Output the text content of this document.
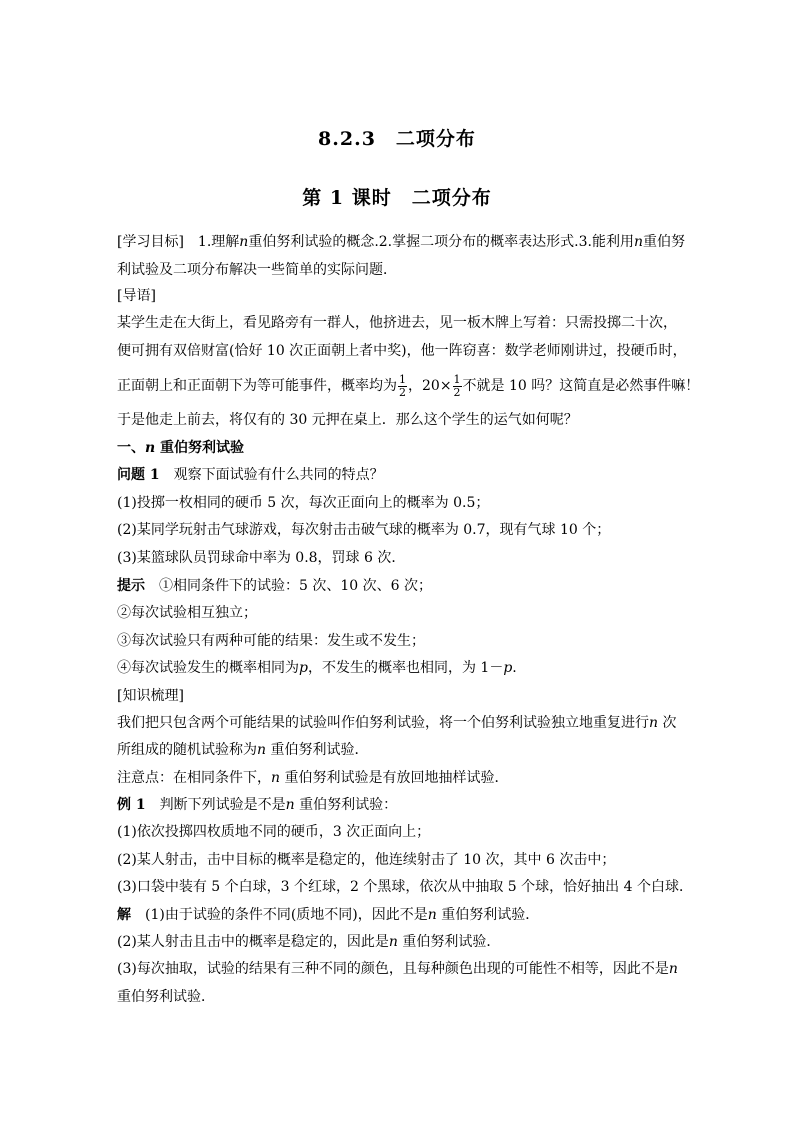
8.2.3　二项分布
第 1 课时　二项分布
[学习目标]　1.理解n重伯努利试验的概念.2.掌握二项分布的概率表达形式.3.能利用n重伯努
利试验及二项分布解决一些简单的实际问题．
[导语]
某学生走在大街上，看见路旁有一群人，他挤进去，见一板木牌上写着：只需投掷二十次，
便可拥有双倍财富(恰好 10 次正面朝上者中奖)，他一阵窃喜：数学老师刚讲过，投硬币时，
正面朝上和正面朝下为等可能事件，概率均为 $\frac{1}{2}$ ，$20\times \frac{1}{2}$ 不就是 10 吗？这简直是必然事件嘛！
于是他走上前去，将仅有的 30 元押在桌上．那么这个学生的运气如何呢？
一、n 重伯努利试验
问题 1　观察下面试验有什么共同的特点？
(1)投掷一枚相同的硬币 5 次，每次正面向上的概率为 0.5；
(2)某同学玩射击气球游戏，每次射击击破气球的概率为 0.7，现有气球 10 个；
(3)某篮球队员罚球命中率为 0.8，罚球 6 次．
提示　①相同条件下的试验：5 次、10 次、6 次；
②每次试验相互独立；
③每次试验只有两种可能的结果：发生或不发生；
④每次试验发生的概率相同为p，不发生的概率也相同，为 1－p.
[知识梳理]
我们把只包含两个可能结果的试验叫作伯努利试验，将一个伯努利试验独立地重复进行n 次
所组成的随机试验称为n 重伯努利试验．
注意点：在相同条件下，n 重伯努利试验是有放回地抽样试验．
例 1　判断下列试验是不是n 重伯努利试验：
(1)依次投掷四枚质地不同的硬币，3 次正面向上；
(2)某人射击，击中目标的概率是稳定的，他连续射击了 10 次，其中 6 次击中；
(3)口袋中装有 5 个白球，3 个红球，2 个黑球，依次从中抽取 5 个球，恰好抽出 4 个白球．
解　(1)由于试验的条件不同(质地不同)，因此不是n 重伯努利试验．
(2)某人射击且击中的概率是稳定的，因此是n 重伯努利试验．
(3)每次抽取，试验的结果有三种不同的颜色，且每种颜色出现的可能性不相等，因此不是n
重伯努利试验．
